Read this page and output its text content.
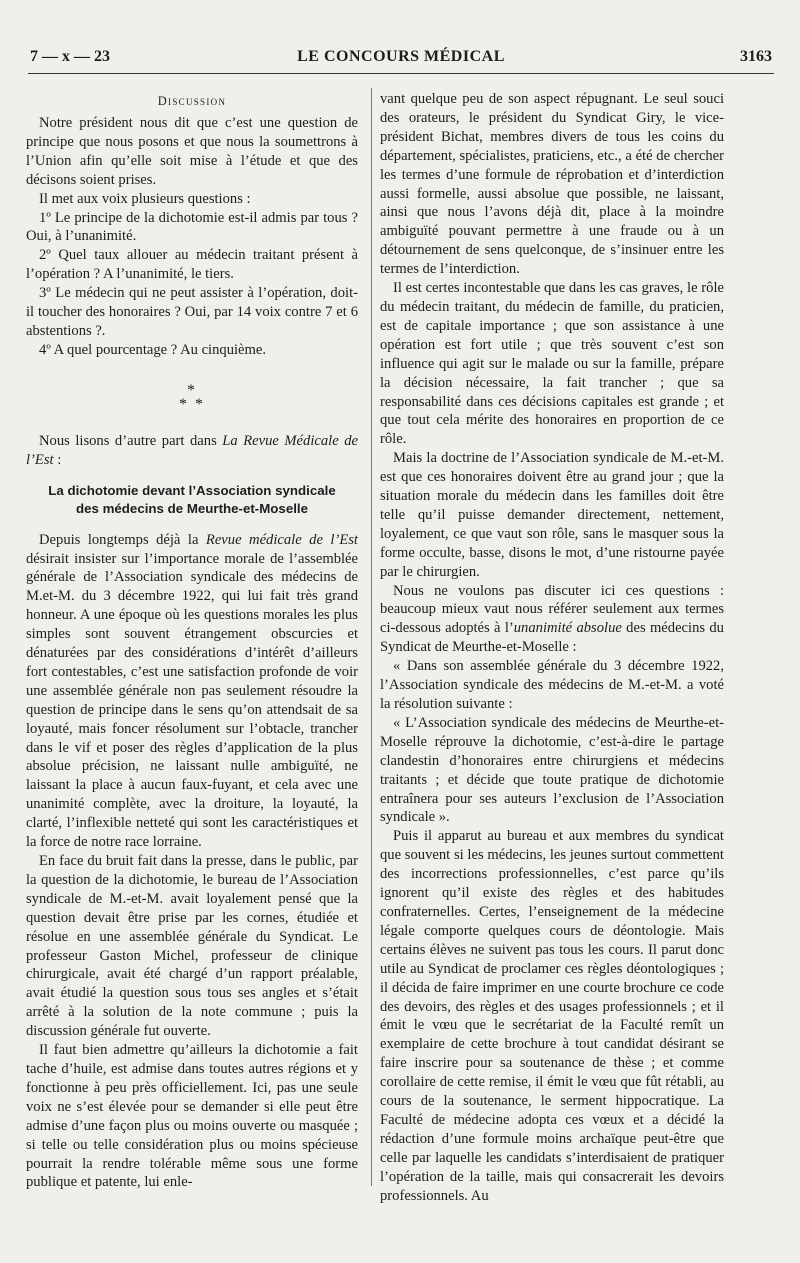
7 — x — 23	LE CONCOURS MÉDICAL	3163
Discussion

Notre président nous dit que c’est une question de principe que nous posons et que nous la soumettrons à l’Union afin qu’elle soit mise à l’étude et que des décisons soient prises.

Il met aux voix plusieurs questions :

1º Le principe de la dichotomie est-il admis par tous ? Oui, à l’unanimité.

2º Quel taux allouer au médecin traitant présent à l’opération ? A l’unanimité, le tiers.

3º Le médecin qui ne peut assister à l’opération, doit-il toucher des honoraires ? Oui, par 14 voix contre 7 et 6 abstentions ?.

4º A quel pourcentage ? Au cinquième.

*
* *

Nous lisons d’autre part dans La Revue Médicale de l’Est :

La dichotomie devant l’Association syndicale
des médecins de Meurthe-et-Moselle

Depuis longtemps déjà la Revue médicale de l’Est désirait insister sur l’importance morale de l’assemblée générale de l’Association syndicale des médecins de M.et-M. du 3 décembre 1922, qui lui fait très grand honneur. A une époque où les questions morales les plus simples sont souvent étrangement obscurcies et dénaturées par des considérations d’intérêt d’ailleurs fort contestables, c’est une satisfaction profonde de voir une assemblée générale non pas seulement résoudre la question de principe dans le sens qu’on attendsait de sa loyauté, mais foncer résolument sur l’obtacle, trancher dans le vif et poser des règles d’application de la plus absolue précision, ne laissant nulle ambiguïté, ne laissant la place à aucun faux-fuyant, et cela avec une unanimité complète, avec la droiture, la loyauté, la clarté, l’inflexible netteté qui sont les caractéristiques et la force de notre race lorraine.

En face du bruit fait dans la presse, dans le public, par la question de la dichotomie, le bureau de l’Association syndicale de M.-et-M. avait loyalement pensé que la question devait être prise par les cornes, étudiée et résolue en une assemblée générale du Syndicat. Le professeur Gaston Michel, professeur de clinique chirurgicale, avait été chargé d’un rapport préalable, avait étudié la question sous tous ses angles et s’était arrêté à la solution de la note commune ; puis la discussion générale fut ouverte.

Il faut bien admettre qu’ailleurs la dichotomie a fait tache d’huile, est admise dans toutes autres régions et y fonctionne à peu près officiellement. Ici, pas une seule voix ne s’est élevée pour se demander si elle peut être admise d’une façon plus ou moins ouverte ou masquée ; si telle ou telle considération plus ou moins spécieuse pourrait la rendre tolérable même sous une forme publique et patente, lui enle-

vant quelque peu de son aspect répugnant. Le seul souci des orateurs, le président du Syndicat Giry, le vice-président Bichat, membres divers de tous les coins du département, spécialistes, praticiens, etc., a été de chercher les termes d’une formule de réprobation et d’interdiction aussi formelle, aussi absolue que possible, ne laissant, ainsi que nous l’avons déjà dit, place à la moindre ambiguïté pouvant permettre à une fraude ou à un détournement de sens quelconque, de s’insinuer entre les termes de l’interdiction.

Il est certes incontestable que dans les cas graves, le rôle du médecin traitant, du médecin de famille, du praticien, est de capitale importance ; que son assistance à une opération est fort utile ; que très souvent c’est son influence qui agit sur le malade ou sur la famille, prépare la décision nécessaire, la fait trancher ; que sa responsabilité dans ces décisions capitales est grande ; et que tout cela mérite des honoraires en proportion de ce rôle.

Mais la doctrine de l’Association syndicale de M.-et-M. est que ces honoraires doivent être au grand jour ; que la situation morale du médecin dans les familles doit être telle qu’il puisse demander directement, nettement, loyalement, ce que vaut son rôle, sans le masquer sous la forme occulte, basse, disons le mot, d’une ristourne payée par le chirurgien.

Nous ne voulons pas discuter ici ces questions : beaucoup mieux vaut nous référer seulement aux termes ci-dessous adoptés à l’unanimité absolue des médecins du Syndicat de Meurthe-et-Moselle :

« Dans son assemblée générale du 3 décembre 1922, l’Association syndicale des médecins de M.-et-M. a voté la résolution suivante :

« L’Association syndicale des médecins de Meurthe-et-Moselle réprouve la dichotomie, c’est-à-dire le partage clandestin d’honoraires entre chirurgiens et médecins traitants ; et décide que toute pratique de dichotomie entraînera pour ses auteurs l’exclusion de l’Association syndicale ».

Puis il apparut au bureau et aux membres du syndicat que souvent si les médecins, les jeunes surtout commettent des incorrections professionnelles, c’est parce qu’ils ignorent qu’il existe des règles et des habitudes confraternelles. Certes, l’enseignement de la médecine légale comporte quelques cours de déontologie. Mais certains élèves ne suivent pas tous les cours. Il parut donc utile au Syndicat de proclamer ces règles déontologiques ; il décida de faire imprimer en une courte brochure ce code des devoirs, des règles et des usages professionnels ; et il émit le vœu que le secrétariat de la Faculté remît un exemplaire de cette brochure à tout candidat désirant se faire inscrire pour sa soutenance de thèse ; et comme corollaire de cette remise, il émit le vœu que fût rétabli, au cours de la soutenance, le serment hippocratique. La Faculté de médecine adopta ces vœux et a décidé la rédaction d’une formule moins archaïque peut-être que celle par laquelle les candidats s’interdisaient de pratiquer l’opération de la taille, mais qui consacrerait les devoirs professionnels. Au
